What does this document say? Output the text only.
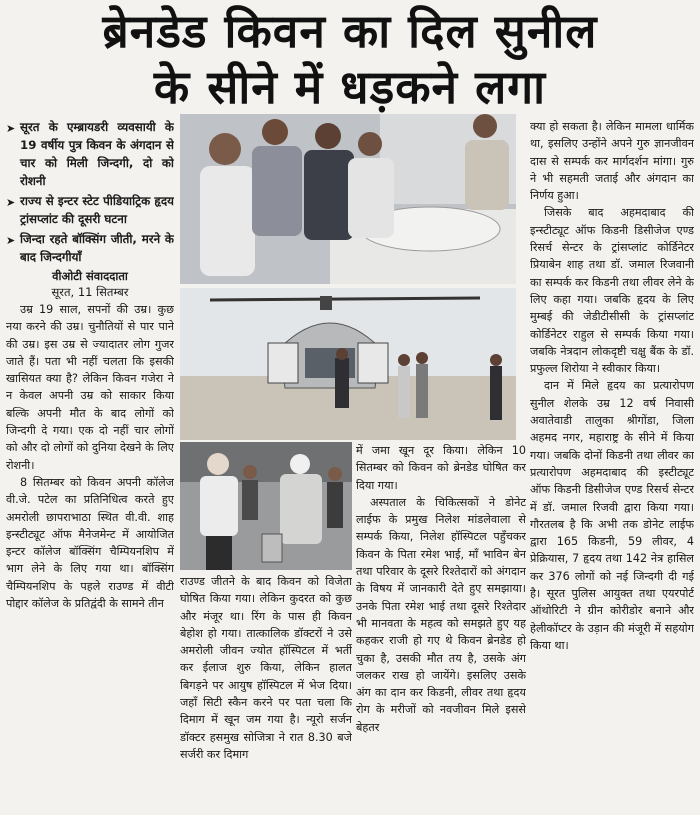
ब्रेनडेड किवन का दिल सुनील
के सीने में धड़कने लगा
➤ सूरत के एम्ब्रायडरी व्यवसायी के 19 वर्षीय पुत्र किवन के अंगदान से चार को मिली जिन्दगी, दो को रोशनी
➤ राज्य से इन्टर स्टेट पीडियाट्रिक हृदय ट्रांसप्लांट की दूसरी घटना
➤ जिन्दा रहते बॉक्सिंग जीती, मरने के बाद जिन्दगीयाँ
वीओटी संवाददाता
सूरत, 11 सितम्बर

उम्र 19 साल, सपनों की उम्र। कुछ नया करने की उम्र। चुनौतियों से पार पाने की उम्र। इस उम्र से ज्यादातर लोग गुजर जाते हैं। पता भी नहीं चलता कि इसकी खासियत क्या है? लेकिन किवन गजेरा ने न केवल अपनी उम्र को साकार किया बल्कि अपनी मौत के बाद लोगों को जिन्दगी दे गया। एक दो नहीं चार लोगों को और दो लोगों को दुनिया देखने के लिए रोशनी।

8 सितम्बर को किवन अपनी कॉलेज वी.जे. पटेल का प्रतिनिधित्व करते हुए अमरोली छापराभाठा स्थित वी.वी. शाह इन्स्टीट्यूट ऑफ मैनेजमेन्ट में आयोजित इन्टर कॉलेज बॉक्सिंग चैम्पियनशिप में भाग लेने के लिए गया था। बॉक्सिंग चैम्पियनशिप के पहले राउण्ड में वीटी पोद्दार कॉलेज के प्रतिद्वंदी के सामने तीन

राउण्ड जीतने के बाद किवन को विजेता घोषित किया गया। लेकिन कुदरत को कुछ और मंजूर था। रिंग के पास ही किवन बेहोश हो गया। तात्कालिक डॉक्टरों ने उसे अमरोली जीवन ज्योत हॉस्पिटल में भर्ती कर ईलाज शुरु किया, लेकिन हालत बिगड़ने पर आयुष हॉस्पिटल में भेज दिया। जहाँ सिटी स्कैन करने पर पता चला कि दिमाग में खून जम गया है। न्यूरो सर्जन डॉक्टर हसमुख सोजित्रा ने रात 8.30 बजे सर्जरी कर दिमाग

में जमा खून दूर किया। लेकिन 10 सितम्बर को किवन को ब्रेनडेड घोषित कर दिया गया।

अस्पताल के चिकित्सकों ने डोनेट लाईफ के प्रमुख निलेश मांडलेवाला से सम्पर्क किया, निलेश हॉस्पिटल पहुँचकर किवन के पिता रमेश भाई, माँ भाविन बेन तथा परिवार के दूसरे रिश्तेदारों को अंगदान के विषय में जानकारी देते हुए समझाया। उनके पिता रमेश भाई तथा दूसरे रिश्तेदार भी मानवता के महत्व को समझते हुए यह कहकर राजी हो गए थे किवन ब्रेनडेड हो चुका है, उसकी मौत तय है, उसके अंग जलकर राख हो जायेंगे। इसलिए उसके अंग का दान कर किडनी, लीवर तथा हृदय रोग के मरीजों को नवजीवन मिले इससे बेहतर

क्या हो सकता है। लेकिन मामला धार्मिक था, इसलिए उन्होंने अपने गुरु ज्ञानजीवन दास से सम्पर्क कर मार्गदर्शन मांगा। गुरु ने भी सहमती जताई और अंगदान का निर्णय हुआ।

जिसके बाद अहमदाबाद की इन्स्टीट्यूट ऑफ किडनी डिसीजेज एण्ड रिसर्च सेन्टर के ट्रांसप्लांट कोर्डिनेटर प्रियाबेन शाह तथा डॉ. जमाल रिजवानी का सम्पर्क कर किडनी तथा लीवर लेने के लिए कहा गया। जबकि हृदय के लिए मुम्बई की जेडीटीसीसी के ट्रांसप्लांट कोर्डिनेटर राहुल से सम्पर्क किया गया। जबकि नेत्रदान लोकदृष्टी चक्षु बैंक के डॉ. प्रफुल्ल शिरोया ने स्वीकार किया।

दान में मिले हृदय का प्रत्यारोपण सुनील शेलके उम्र 12 वर्ष निवासी अवातेवाडी तालुका श्रीगोंडा, जिला अहमद नगर, महाराष्ट्र के सीने में किया गया। जबकि दोनों किडनी तथा लीवर का प्रत्यारोपण अहमदाबाद की इस्टीट्यूट ऑफ किडनी डिसीजेज एण्ड रिसर्च सेन्टर में डॉ. जमाल रिजवी द्वारा किया गया। गौरतलब है कि अभी तक डोनेट लाईफ द्वारा 165 किडनी, 59 लीवर, 4 प्रेक्रियास, 7 हृदय तथा 142 नेत्र हासिल कर 376 लोगों को नई जिन्दगी दी गई है। सूरत पुलिस आयुक्त तथा एयरपोर्ट ऑथोरिटी ने ग्रीन कोरीडोर बनाने और हेलीकॉप्टर के उड़ान की मंजूरी में सहयोग किया था।
